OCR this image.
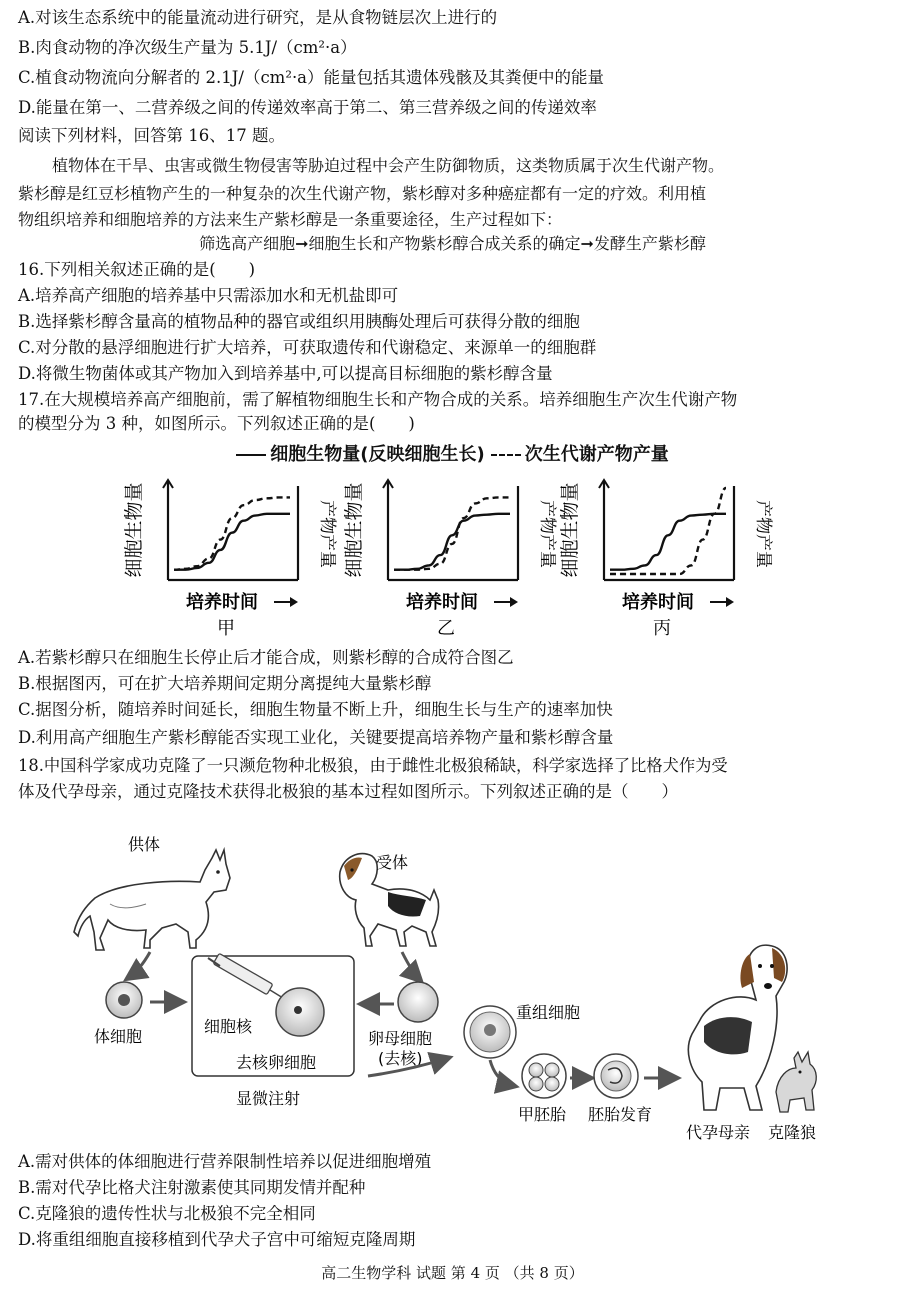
A.对该生态系统中的能量流动进行研究，是从食物链层次上进行的
B.肉食动物的净次级生产量为 5.1J/（cm²·a）
C.植食动物流向分解者的 2.1J/（cm²·a）能量包括其遗体残骸及其粪便中的能量
D.能量在第一、二营养级之间的传递效率高于第二、第三营养级之间的传递效率
阅读下列材料，回答第 16、17 题。
植物体在干旱、虫害或微生物侵害等胁迫过程中会产生防御物质，这类物质属于次生代谢产物。
紫杉醇是红豆杉植物产生的一种复杂的次生代谢产物，紫杉醇对多种癌症都有一定的疗效。利用植
物组织培养和细胞培养的方法来生产紫杉醇是一条重要途径，生产过程如下：
筛选高产细胞➞细胞生长和产物紫杉醇合成关系的确定➞发酵生产紫杉醇
16.下列相关叙述正确的是(　　)
A.培养高产细胞的培养基中只需添加水和无机盐即可
B.选择紫杉醇含量高的植物品种的器官或组织用胰酶处理后可获得分散的细胞
C.对分散的悬浮细胞进行扩大培养，可获取遗传和代谢稳定、来源单一的细胞群
D.将微生物菌体或其产物加入到培养基中,可以提高目标细胞的紫杉醇含量
17.在大规模培养高产细胞前，需了解植物细胞生长和产物合成的关系。培养细胞生产次生代谢产物
的模型分为 3 种，如图所示。下列叙述正确的是(　　)
细胞生物量(反映细胞生长) 次生代谢产物产量
细胞生物量	产物产量
培养时间
甲
细胞生物量	产物产量
培养时间
乙
细胞生物量	产物产量
培养时间
丙
A.若紫杉醇只在细胞生长停止后才能合成，则紫杉醇的合成符合图乙
B.根据图丙，可在扩大培养期间定期分离提纯大量紫杉醇
C.据图分析，随培养时间延长，细胞生物量不断上升，细胞生长与生产的速率加快
D.利用高产细胞生产紫杉醇能否实现工业化，关键要提高培养物产量和紫杉醇含量
18.中国科学家成功克隆了一只濒危物种北极狼，由于雌性北极狼稀缺，科学家选择了比格犬作为受
体及代孕母亲，通过克隆技术获得北极狼的基本过程如图所示。下列叙述正确的是（　　）
供体
受体
体细胞
细胞核
去核卵细胞
显微注射
卵母细胞
(去核)
重组细胞
甲胚胎 胚胎发育
代孕母亲 克隆狼
A.需对供体的体细胞进行营养限制性培养以促进细胞增殖
B.需对代孕比格犬注射激素使其同期发情并配种
C.克隆狼的遗传性状与北极狼不完全相同
D.将重组细胞直接移植到代孕犬子宫中可缩短克隆周期
高二生物学科 试题 第 4 页 （共 8 页）
